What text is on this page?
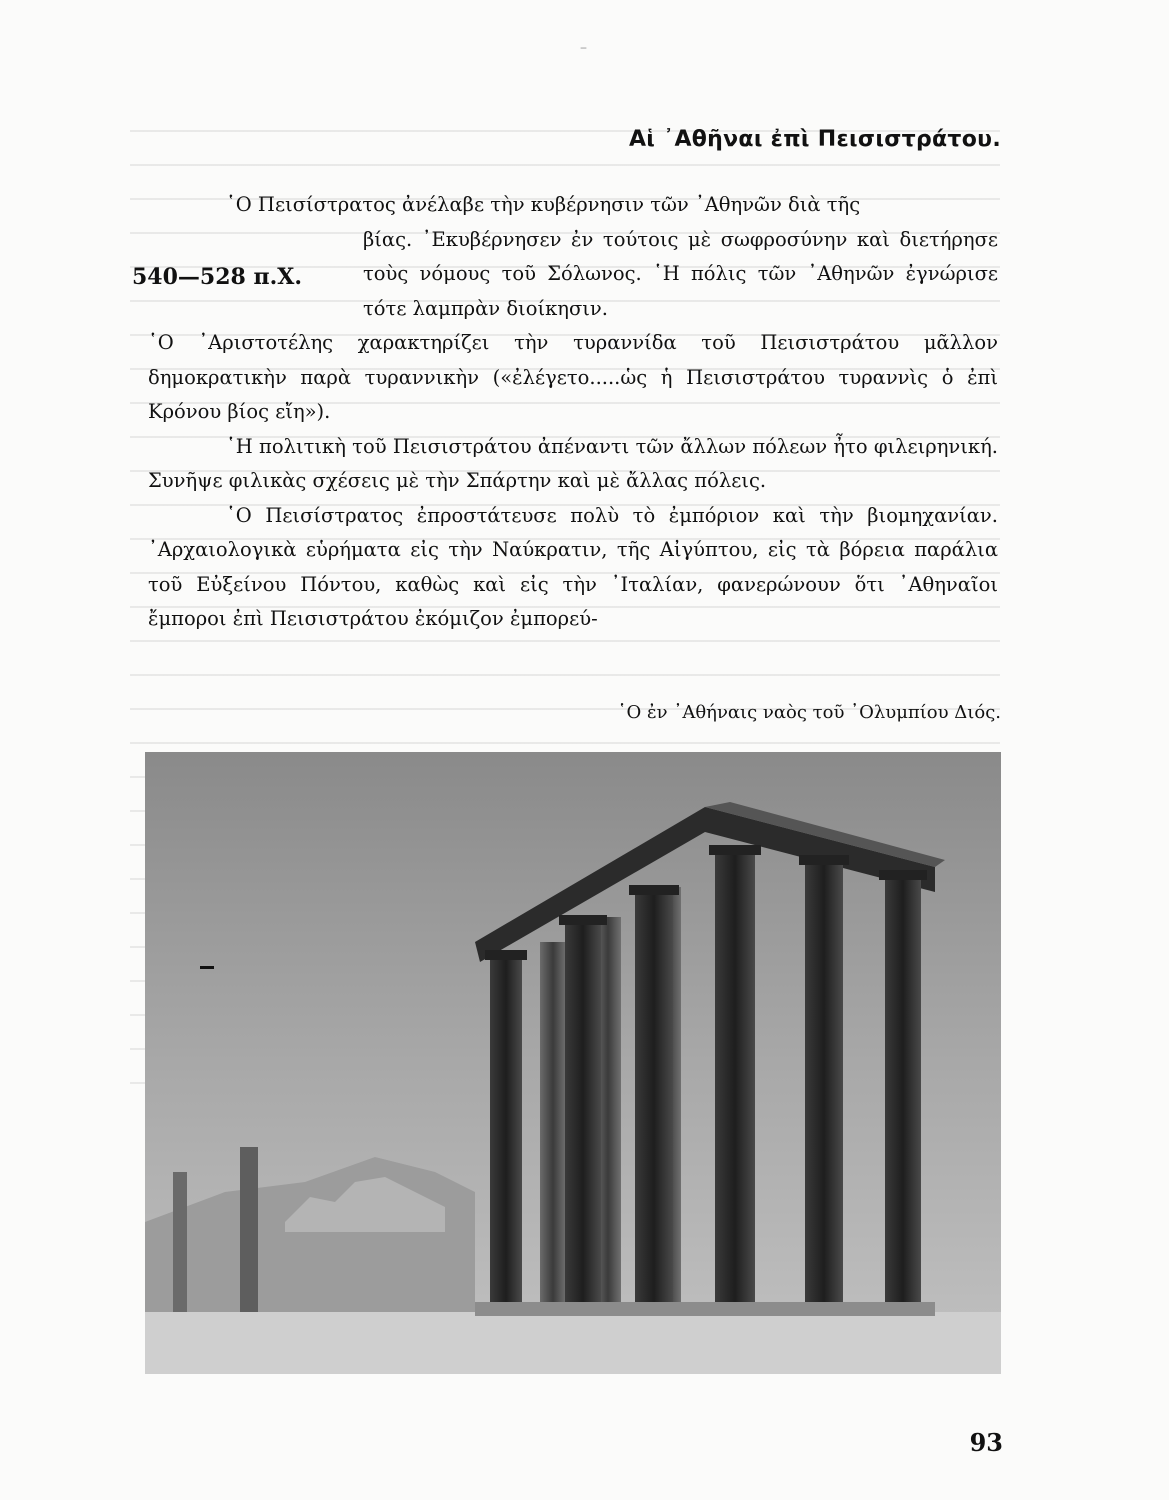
–
Αἱ ᾿Αθῆναι ἐπὶ Πεισιστράτου.
540—528 π.Χ.

῾Ο Πεισίστρατος ἀνέλαβε τὴν κυβέρνησιν τῶν ᾿Αθηνῶν διὰ τῆς

βίας. ᾿Εκυβέρνησεν ἐν τούτοις μὲ σωφροσύνην καὶ διετήρησε τοὺς νόμους τοῦ Σόλωνος. ῾Η πόλις τῶν ᾿Αθηνῶν ἐγνώρισε τότε λαμπρὰν διοίκησιν.

῾Ο ᾿Αριστοτέλης χαρακτηρίζει τὴν τυραννίδα τοῦ Πεισιστράτου μᾶλλον δημοκρατικὴν παρὰ τυραννικὴν («ἐλέγετο.....ὡς ἡ Πεισιστράτου τυραννὶς ὁ ἐπὶ Κρόνου βίος εἴη»).

῾Η πολιτικὴ τοῦ Πεισιστράτου ἀπέναντι τῶν ἄλλων πόλεων ἦτο φιλειρηνική. Συνῆψε φιλικὰς σχέσεις μὲ τὴν Σπάρτην καὶ μὲ ἄλλας πόλεις.

῾Ο Πεισίστρατος ἐπροστάτευσε πολὺ τὸ ἐμπόριον καὶ τὴν βιομηχανίαν. ᾿Αρχαιολογικὰ εὑρήματα εἰς τὴν Ναύκρατιν, τῆς Αἰγύπτου, εἰς τὰ βόρεια παράλια τοῦ Εὐξείνου Πόντου, καθὼς καὶ εἰς τὴν ᾿Ιταλίαν, φανερώνουν ὅτι ᾿Αθηναῖοι ἔμποροι ἐπὶ Πεισιστράτου ἐκόμιζον ἐμπορεύ-

῾Ο ἐν ᾿Αθήναις ναὸς τοῦ ᾿Ολυμπίου Διός.
93
